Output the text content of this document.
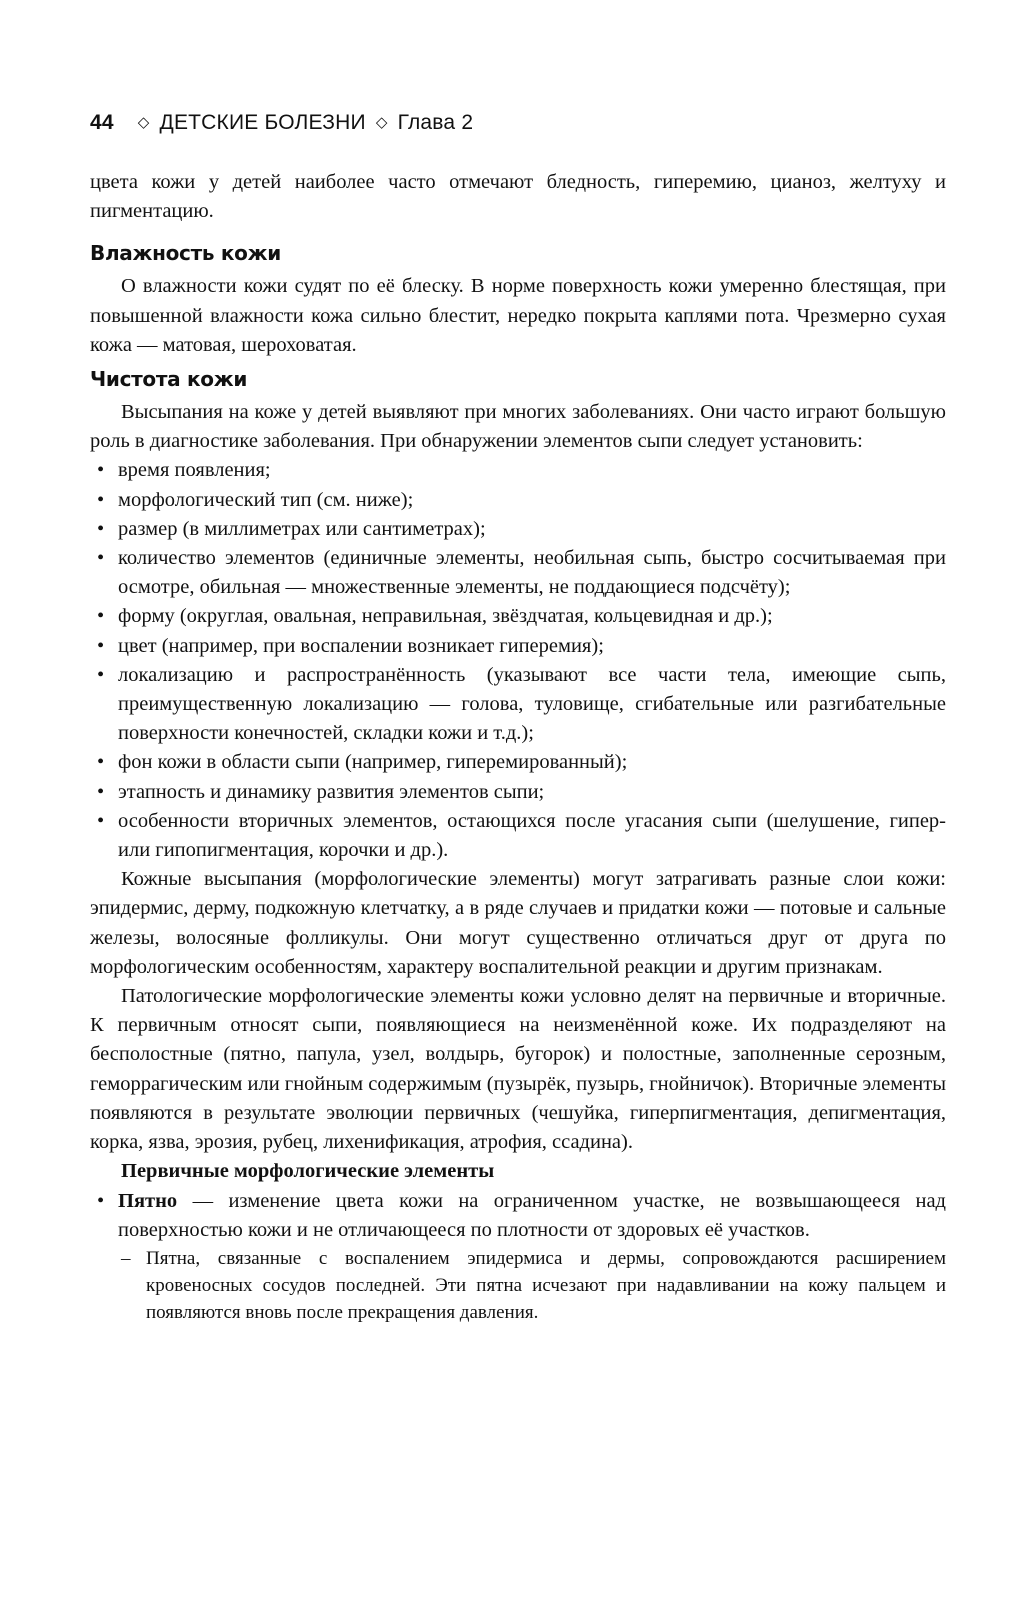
44 ◇ ДЕТСКИЕ БОЛЕЗНИ ◇ Глава 2

цвета кожи у детей наиболее часто отмечают бледность, гиперемию, цианоз, желтуху и пигментацию.

Влажность кожи

О влажности кожи судят по её блеску. В норме поверхность кожи умеренно блестящая, при повышенной влажности кожа сильно блестит, нередко покрыта каплями пота. Чрезмерно сухая кожа — матовая, шероховатая.

Чистота кожи

Высыпания на коже у детей выявляют при многих заболеваниях. Они часто играют большую роль в диагностике заболевания. При обнаружении элементов сыпи следует установить:

• время появления;
• морфологический тип (см. ниже);
• размер (в миллиметрах или сантиметрах);
• количество элементов (единичные элементы, необильная сыпь, быстро сосчитываемая при осмотре, обильная — множественные элементы, не поддающиеся подсчёту);
• форму (округлая, овальная, неправильная, звёздчатая, кольцевидная и др.);
• цвет (например, при воспалении возникает гиперемия);
• локализацию и распространённость (указывают все части тела, имеющие сыпь, преимущественную локализацию — голова, туловище, сгибательные или разгибательные поверхности конечностей, складки кожи и т.д.);
• фон кожи в области сыпи (например, гиперемированный);
• этапность и динамику развития элементов сыпи;
• особенности вторичных элементов, остающихся после угасания сыпи (шелушение, гипер- или гипопигментация, корочки и др.).

Кожные высыпания (морфологические элементы) могут затрагивать разные слои кожи: эпидермис, дерму, подкожную клетчатку, а в ряде случаев и придатки кожи — потовые и сальные железы, волосяные фолликулы. Они могут существенно отличаться друг от друга по морфологическим особенностям, характеру воспалительной реакции и другим признакам.

Патологические морфологические элементы кожи условно делят на первичные и вторичные. К первичным относят сыпи, появляющиеся на неизменённой коже. Их подразделяют на бесполостные (пятно, папула, узел, волдырь, бугорок) и полостные, заполненные серозным, геморрагическим или гнойным содержимым (пузырёк, пузырь, гнойничок). Вторичные элементы появляются в результате эволюции первичных (чешуйка, гиперпигментация, депигментация, корка, язва, эрозия, рубец, лихенификация, атрофия, ссадина).

Первичные морфологические элементы
• Пятно — изменение цвета кожи на ограниченном участке, не возвышающееся над поверхностью кожи и не отличающееся по плотности от здоровых её участков.
– Пятна, связанные с воспалением эпидермиса и дермы, сопровождаются расширением кровеносных сосудов последней. Эти пятна исчезают при надавливании на кожу пальцем и появляются вновь после прекращения давления.
